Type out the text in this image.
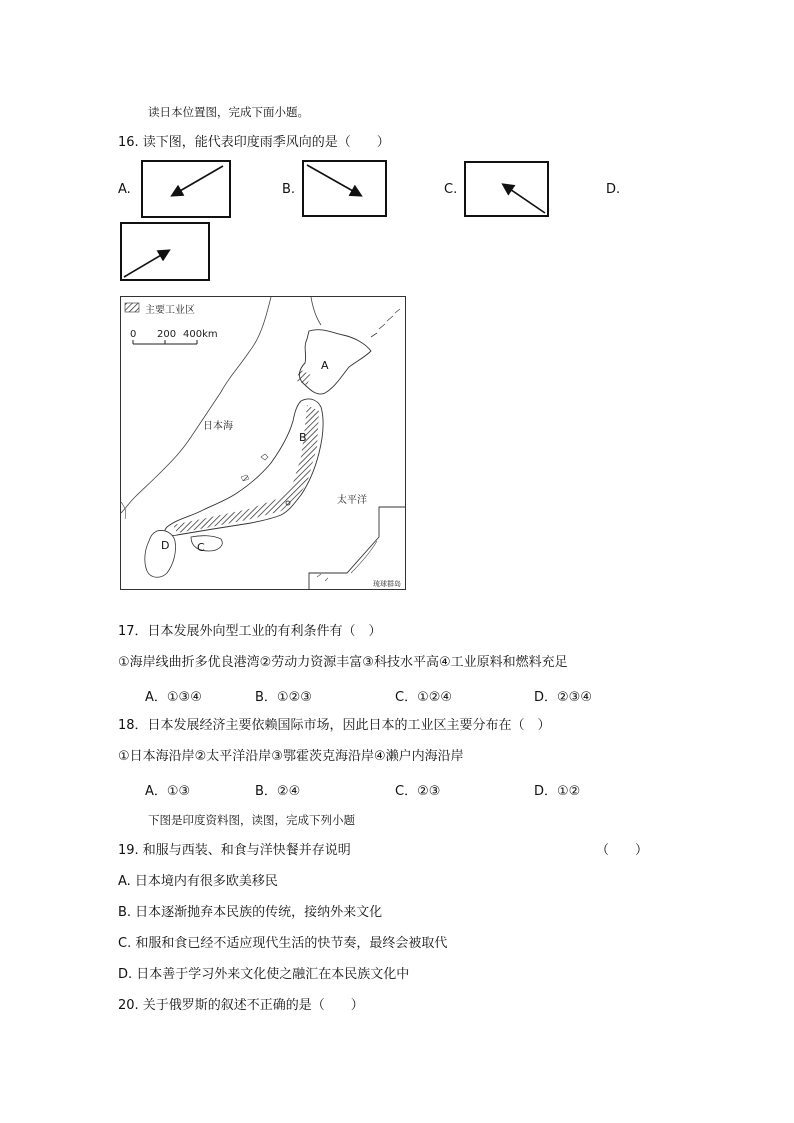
读日本位置图，完成下面小题。
16. 读下图，能代表印度雨季风向的是（　　）
A.	B.	C.	D.
主要工业区
0 200 400km
日本海
太平洋
琉球群岛
A
B
C
D
17．日本发展外向型工业的有利条件有（　）
①海岸线曲折多优良港湾②劳动力资源丰富③科技水平高④工业原料和燃料充足
A．①③④	B．①②③	C．①②④	D．②③④
18．日本发展经济主要依赖国际市场，因此日本的工业区主要分布在（　）
①日本海沿岸②太平洋沿岸③鄂霍茨克海沿岸④濑户内海沿岸
A．①③	B．②④	C．②③	D．①②
下图是印度资料图，读图，完成下列小题
19. 和服与西装、和食与洋快餐并存说明	（　　）
A. 日本境内有很多欧美移民
B. 日本逐渐抛弃本民族的传统，接纳外来文化
C. 和服和食已经不适应现代生活的快节奏，最终会被取代
D. 日本善于学习外来文化使之融汇在本民族文化中
20. 关于俄罗斯的叙述不正确的是（　　）
